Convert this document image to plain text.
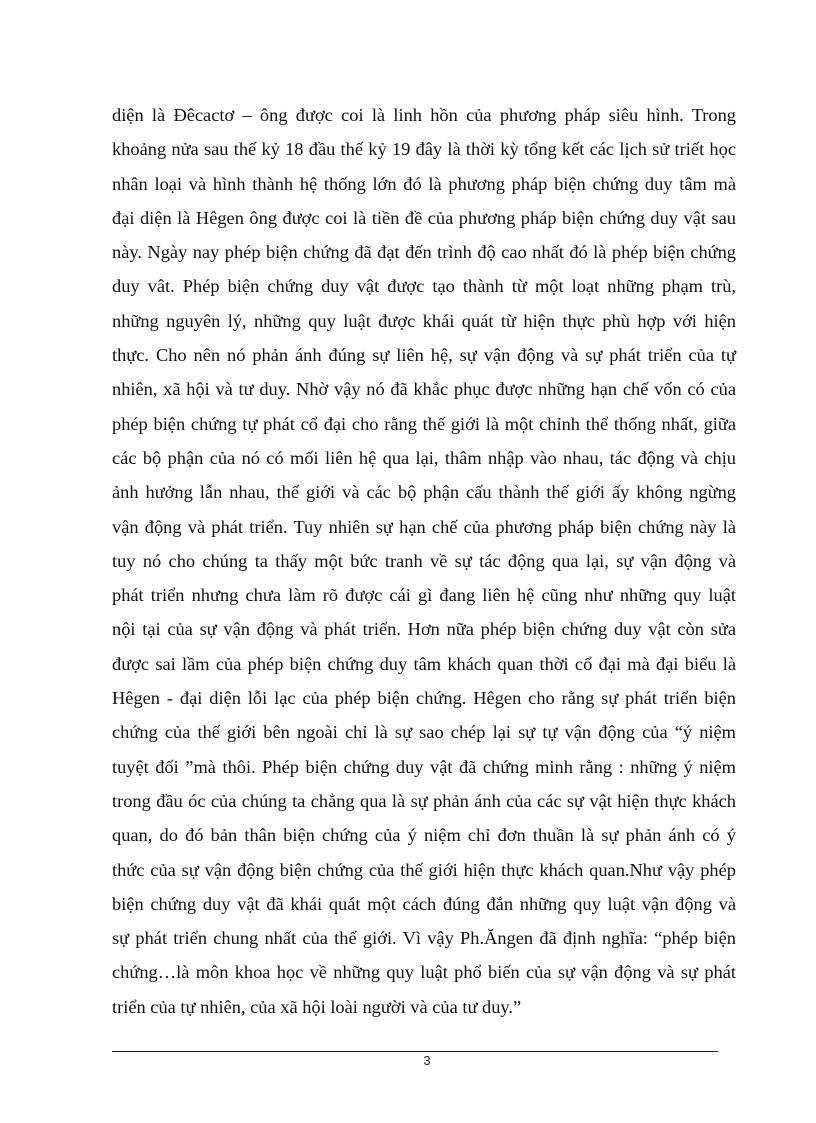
diện là Đêcactơ – ông được coi là linh hồn của phương pháp siêu hình. Trong
khoảng nửa sau thế kỷ 18 đầu thế kỷ 19 đây là thời kỳ tổng kết các lịch sử triết học
nhân loại và hình thành hệ thống lớn đó là phương pháp biện chứng duy tâm mà
đại diện là Hêgen ông được coi là tiền đề của phương pháp biện chứng duy vật sau
này. Ngày nay phép biện chứng đã đạt đến trình độ cao nhất đó là phép biện chứng
duy vât. Phép biện chứng duy vật được tạo thành từ một loạt những phạm trù,
những nguyên lý, những quy luật được khái quát từ hiện thực phù hợp với hiện
thực. Cho nên nó phản ánh đúng sự liên hệ, sự vận động và sự phát triển của tự
nhiên, xã hội và tư duy. Nhờ vậy nó đã khắc phục được những hạn chế vốn có của
phép biện chứng tự phát cổ đại cho rằng thế giới là một chỉnh thể thống nhất, giữa
các bộ phận của nó có mối liên hệ qua lại, thâm nhập vào nhau, tác động và chịu
ảnh hưởng lẫn nhau, thế giới và các bộ phận cấu thành thế giới ấy không ngừng
vận động và phát triển. Tuy nhiên sự hạn chế của phương pháp biện chứng này là
tuy nó cho chúng ta thấy một bức tranh về sự tác động qua lại, sự vận động và
phát triển nhưng chưa làm rõ được cái gì đang liên hệ cũng như những quy luật
nội tại của sự vận động và phát triển. Hơn nữa phép biện chứng duy vật còn sửa
được sai lầm của phép biện chứng duy tâm khách quan thời cổ đại mà đại biểu là
Hêgen - đại diện lỗi lạc của phép biện chứng. Hêgen cho rằng sự phát triển biện
chứng của thế giới bên ngoài chỉ là sự sao chép lại sự tự vận động của “ý niệm
tuyệt đối ”mà thôi. Phép biện chứng duy vật đã chứng minh rằng : những ý niệm
trong đầu óc của chúng ta chẳng qua là sự phản ánh của các sự vật hiện thực khách
quan, do đó bản thân biện chứng của ý niệm chỉ đơn thuần là sự phản ánh có ý
thức của sự vận động biện chứng của thế giới hiện thực khách quan.Như vậy phép
biện chứng duy vật đã khái quát một cách đúng đắn những quy luật vận động và
sự phát triển chung nhất của thế giới. Vì vậy Ph.Ăngen đã định nghĩa: “phép biện
chứng…là môn khoa học về những quy luật phổ biến của sự vận động và sự phát
triển của tự nhiên, của xã hội loài người và của tư duy.”
3
